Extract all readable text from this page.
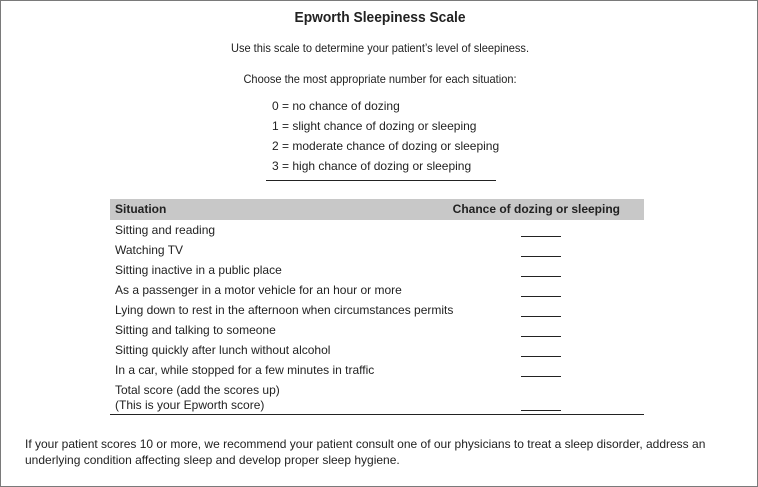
Epworth Sleepiness Scale
Use this scale to determine your patient’s level of sleepiness.
Choose the most appropriate number for each situation:
0 = no chance of dozing
1 = slight chance of dozing or sleeping
2 = moderate chance of dozing or sleeping
3 = high chance of dozing or sleeping
Situation	Chance of dozing or sleeping
Sitting and reading
Watching TV
Sitting inactive in a public place
As a passenger in a motor vehicle for an hour or more
Lying down to rest in the afternoon when circumstances permits
Sitting and talking to someone
Sitting quickly after lunch without alcohol
In a car, while stopped for a few minutes in traffic
Total score (add the scores up)
(This is your Epworth score)
If your patient scores 10 or more, we recommend your patient consult one of our physicians to treat a sleep disorder, address an underlying condition affecting sleep and develop proper sleep hygiene.
